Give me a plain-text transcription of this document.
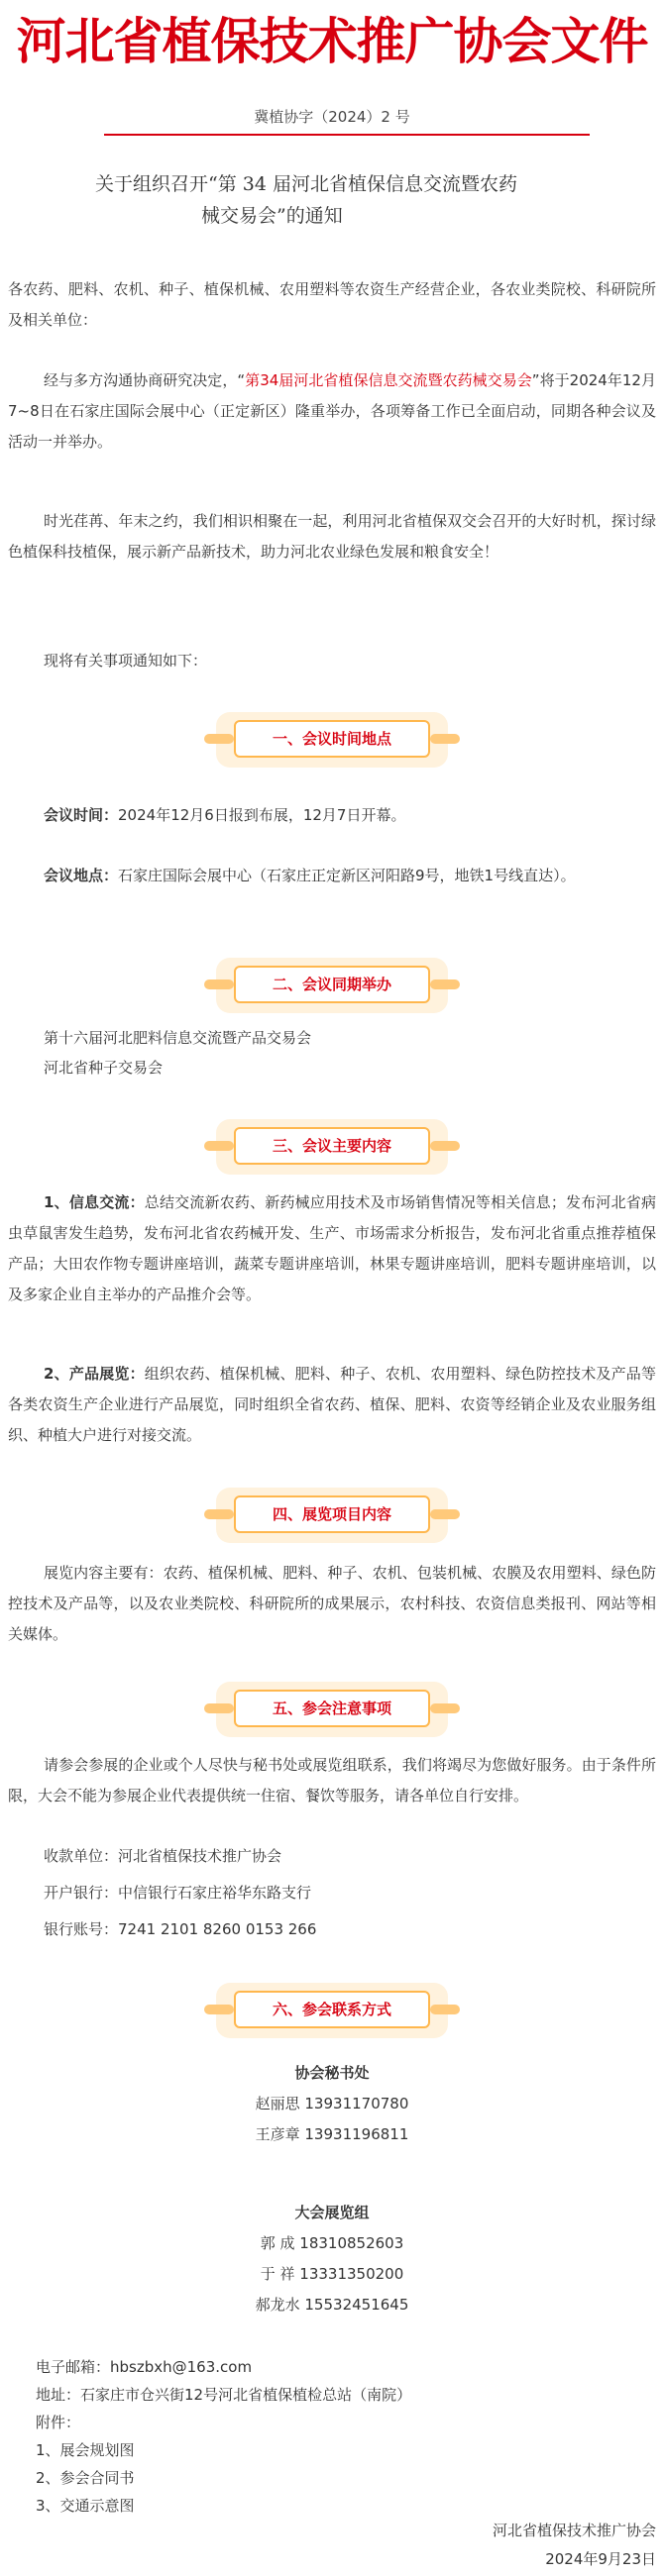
河北省植保技术推广协会文件
冀植协字（2024）2 号
关于组织召开“第 34 届河北省植保信息交流暨农药
械交易会”的通知
各农药、肥料、农机、种子、植保机械、农用塑料等农资生产经营企业，各农业类院校、科研院所及相关单位：
经与多方沟通协商研究决定，“第34届河北省植保信息交流暨农药械交易会”将于2024年12月7~8日在石家庄国际会展中心（正定新区）隆重举办，各项筹备工作已全面启动，同期各种会议及活动一并举办。
时光荏苒、年末之约，我们相识相聚在一起，利用河北省植保双交会召开的大好时机，探讨绿色植保科技植保，展示新产品新技术，助力河北农业绿色发展和粮食安全！
现将有关事项通知如下：
一、会议时间地点
会议时间：2024年12月6日报到布展，12月7日开幕。
会议地点：石家庄国际会展中心（石家庄正定新区河阳路9号，地铁1号线直达）。
二、会议同期举办
第十六届河北肥料信息交流暨产品交易会
河北省种子交易会
三、会议主要内容
1、信息交流：总结交流新农药、新药械应用技术及市场销售情况等相关信息；发布河北省病虫草鼠害发生趋势，发布河北省农药械开发、生产、市场需求分析报告，发布河北省重点推荐植保产品；大田农作物专题讲座培训，蔬菜专题讲座培训，林果专题讲座培训，肥料专题讲座培训，以及多家企业自主举办的产品推介会等。
2、产品展览：组织农药、植保机械、肥料、种子、农机、农用塑料、绿色防控技术及产品等各类农资生产企业进行产品展览，同时组织全省农药、植保、肥料、农资等经销企业及农业服务组织、种植大户进行对接交流。
四、展览项目内容
展览内容主要有：农药、植保机械、肥料、种子、农机、包装机械、农膜及农用塑料、绿色防控技术及产品等，以及农业类院校、科研院所的成果展示，农村科技、农资信息类报刊、网站等相关媒体。
五、参会注意事项
请参会参展的企业或个人尽快与秘书处或展览组联系，我们将竭尽为您做好服务。由于条件所限，大会不能为参展企业代表提供统一住宿、餐饮等服务，请各单位自行安排。
收款单位：河北省植保技术推广协会
开户银行：中信银行石家庄裕华东路支行
银行账号：7241 2101 8260 0153 266
六、参会联系方式
协会秘书处
赵丽思 13931170780
王彦章 13931196811
大会展览组
郭 成 18310852603
于 祥 13331350200
郝龙水 15532451645
电子邮箱：hbszbxh@163.com
地址：石家庄市仓兴街12号河北省植保植检总站（南院）
附件：
1、展会规划图
2、参会合同书
3、交通示意图
河北省植保技术推广协会
2024年9月23日
